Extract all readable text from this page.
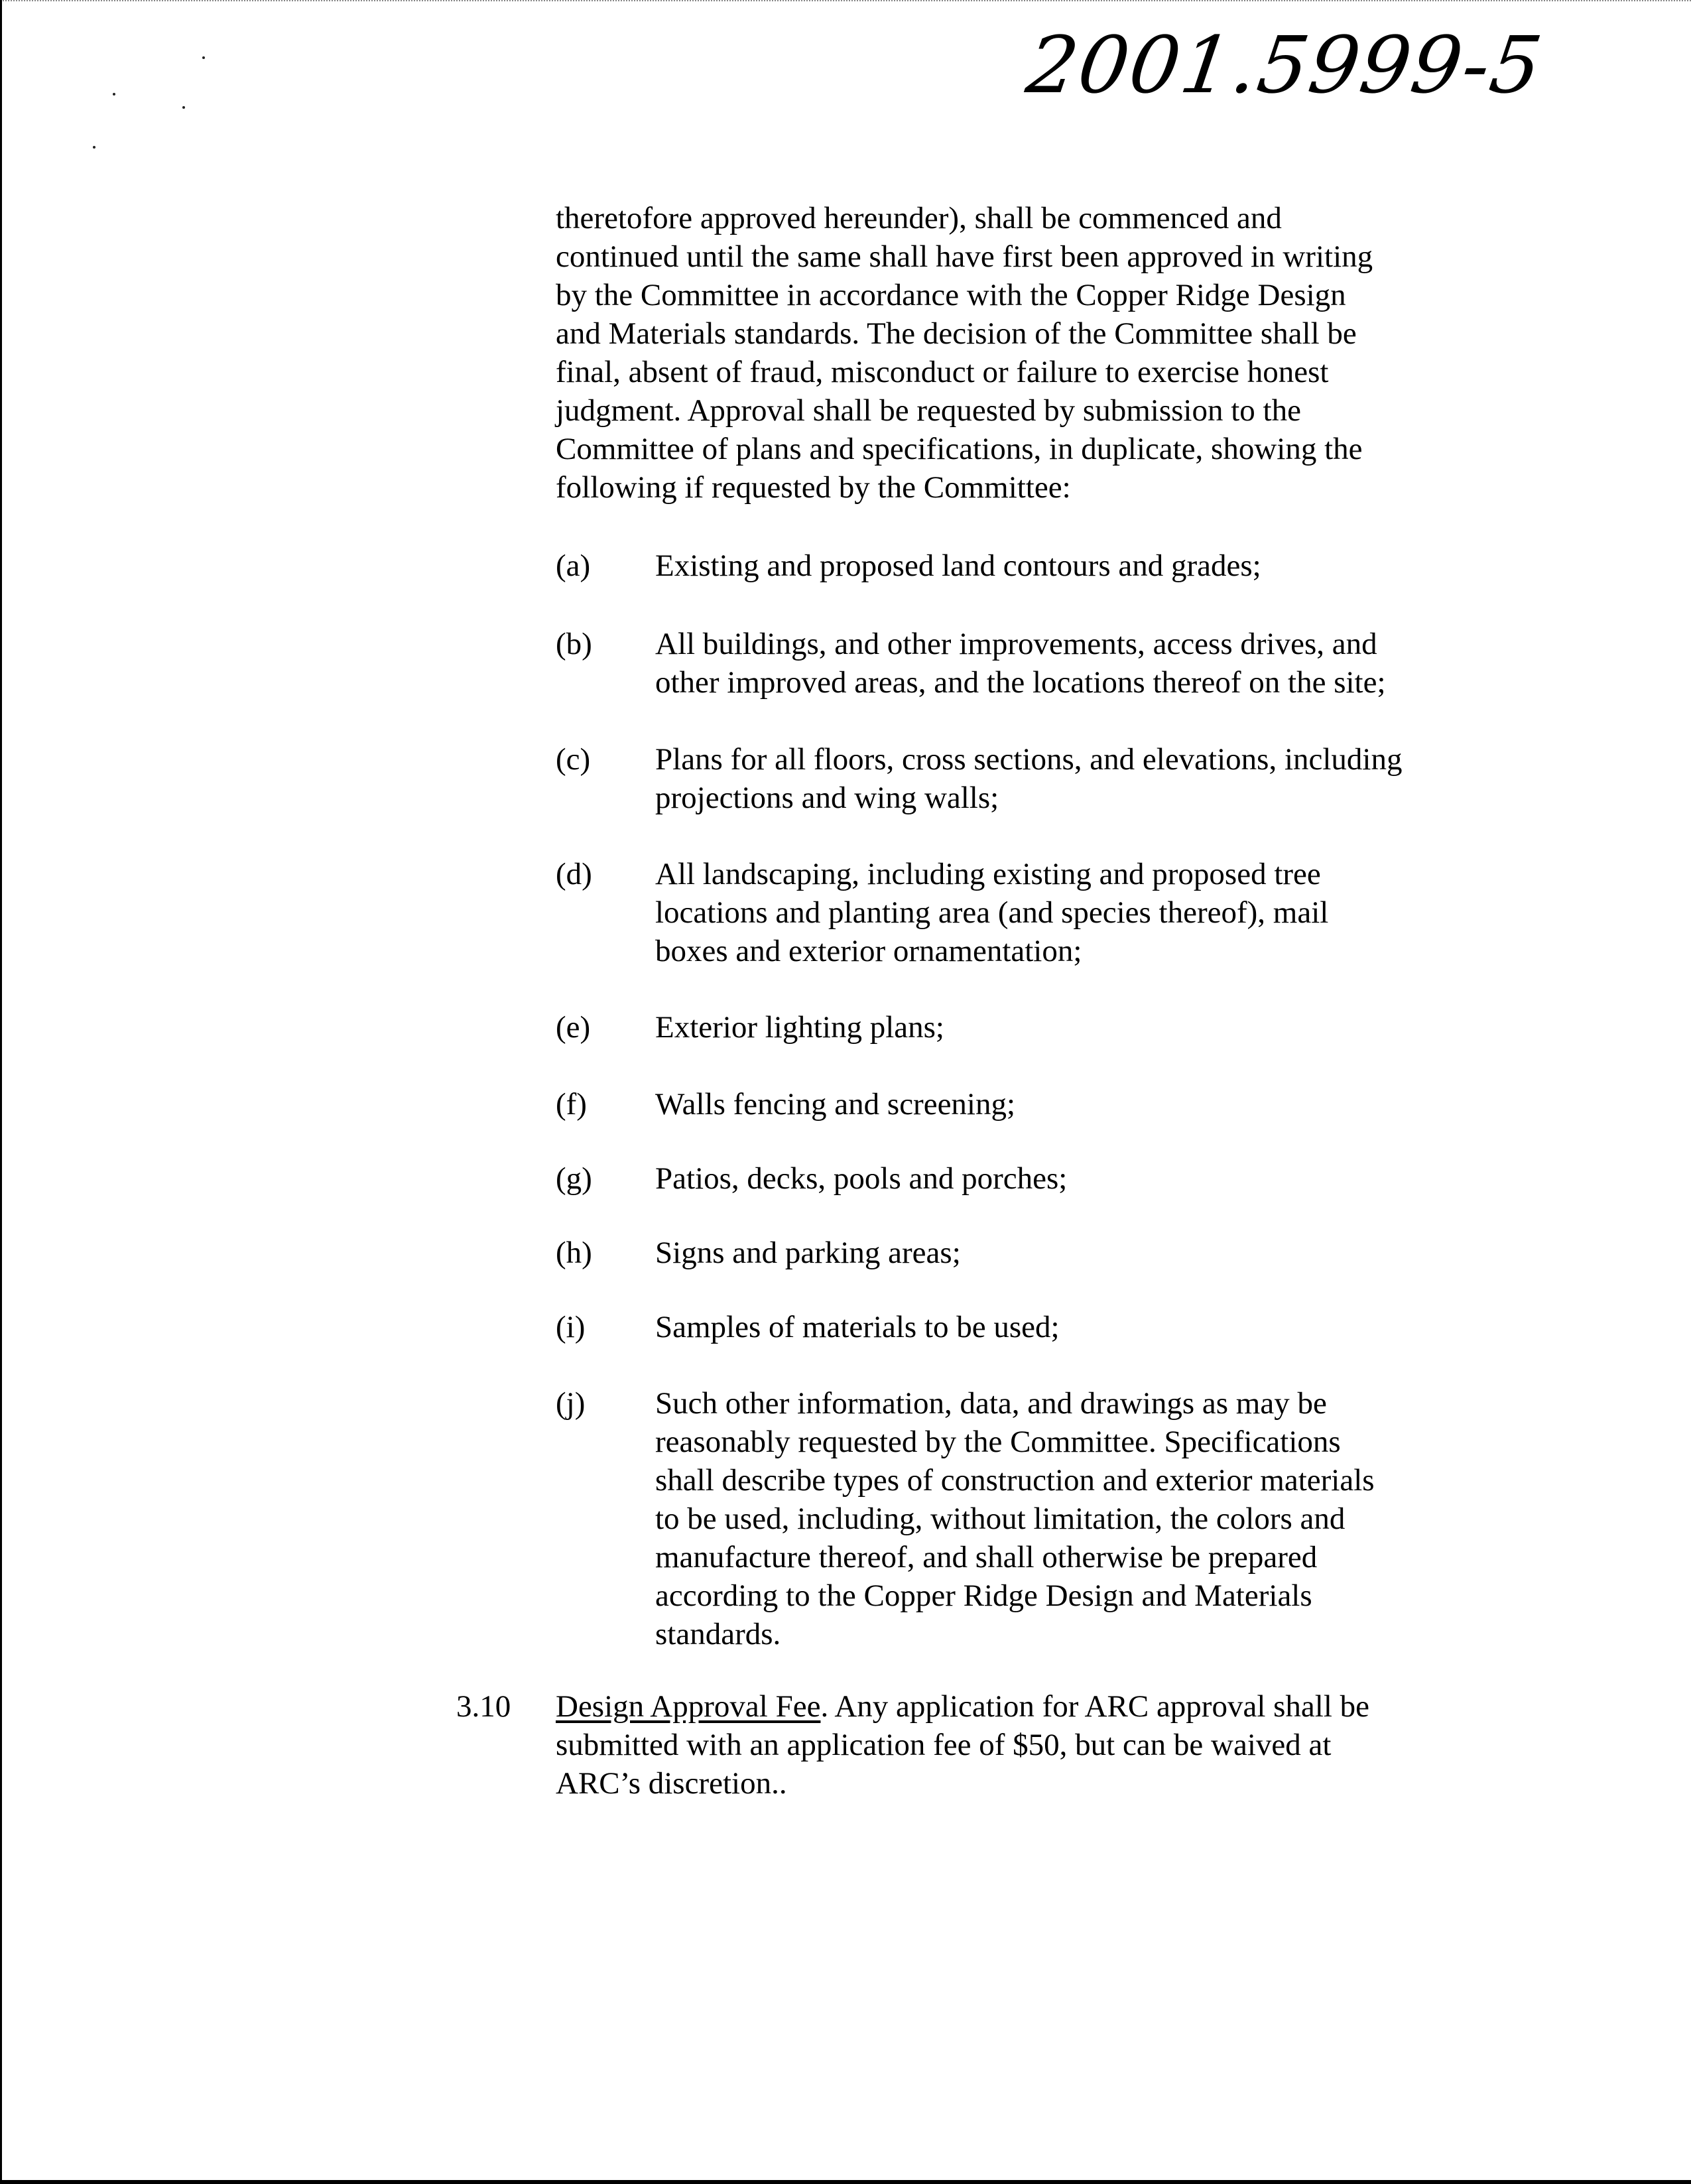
2001.5999-5
theretofore approved hereunder), shall be commenced and
continued until the same shall have first been approved in writing
by the Committee in accordance with the Copper Ridge Design
and Materials standards. The decision of the Committee shall be
final, absent of fraud, misconduct or failure to exercise honest
judgment. Approval shall be requested by submission to the
Committee of plans and specifications, in duplicate, showing the
following if requested by the Committee:
(a) Existing and proposed land contours and grades;
(b) All buildings, and other improvements, access drives, and
other improved areas, and the locations thereof on the site;
(c) Plans for all floors, cross sections, and elevations, including
projections and wing walls;
(d) All landscaping, including existing and proposed tree
locations and planting area (and species thereof), mail
boxes and exterior ornamentation;
(e) Exterior lighting plans;
(f) Walls fencing and screening;
(g) Patios, decks, pools and porches;
(h) Signs and parking areas;
(i) Samples of materials to be used;
(j) Such other information, data, and drawings as may be
reasonably requested by the Committee. Specifications
shall describe types of construction and exterior materials
to be used, including, without limitation, the colors and
manufacture thereof, and shall otherwise be prepared
according to the Copper Ridge Design and Materials
standards.
3.10 Design Approval Fee. Any application for ARC approval shall be
submitted with an application fee of $50, but can be waived at
ARC’s discretion..
